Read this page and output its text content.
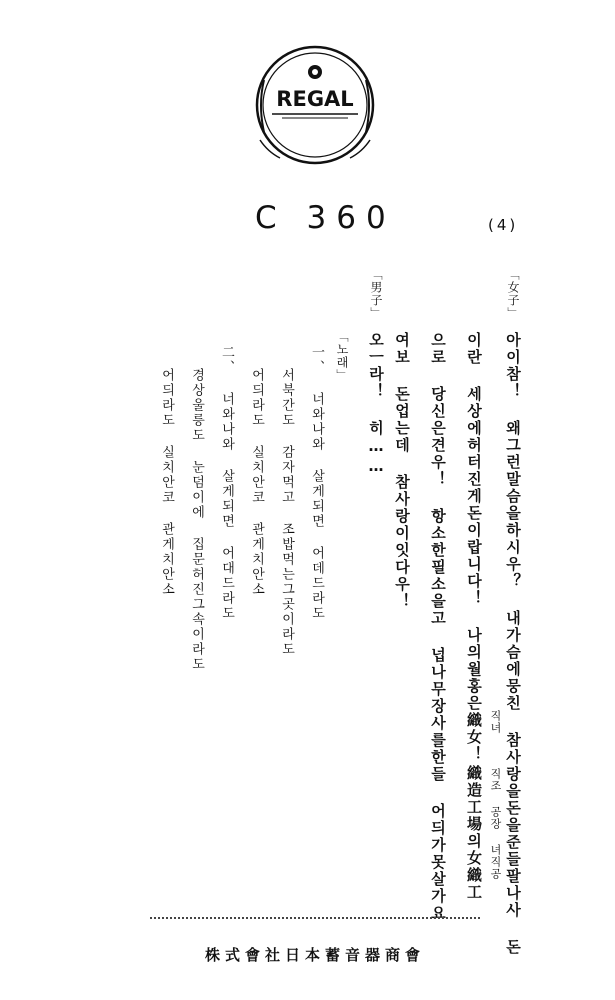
REGAL
C 360	(4)
「女子」
아이참！ 왜그런말슴을하시우？ 내가슴에뭉친 참사랑을돈을준들팔나사 돈
이란 세상에허터진게돈이랍니다！ 나의월홍은織女！ 직녀
직조 공장 녀직공
織造工場의女織工
으로 당신은견우！ 항소한필소을고 넙나무장사를한들 어듸가못살가요
여보 돈업는데 참사랑이잇다우！
「男子」
오ㅡ라！ 히……
「노래」
一、 너와나와 살게되면 어데드라도
서북간도 감자먹고 조밥먹는그곳이라도
어듸라도 실치안코 관게치안소
二、 너와나와 살게되면 어대드라도
경상울릉도 눈덤이에 집문허진그속이라도
어듸라도 실치안코 관게치안소
株式會社日本蓄音器商會
